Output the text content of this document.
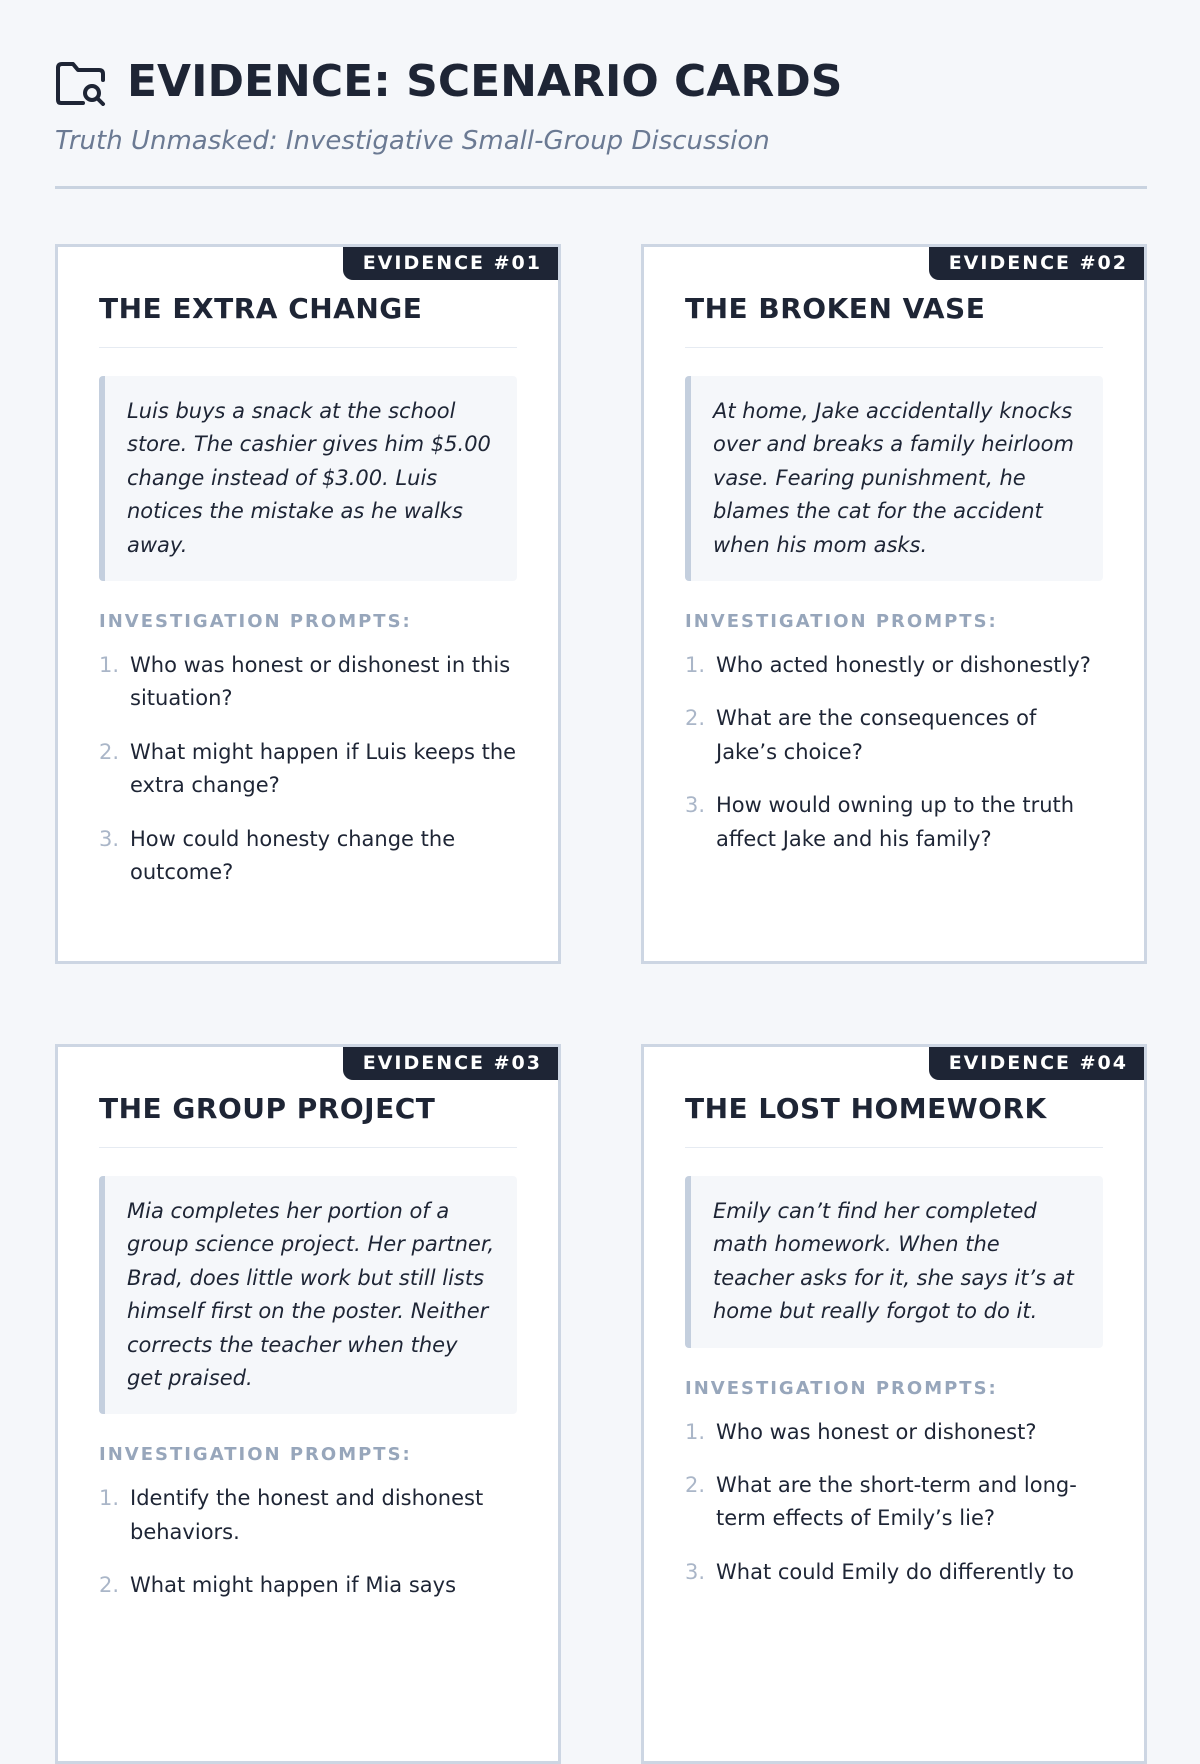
EVIDENCE: SCENARIO CARDS

Truth Unmasked: Investigative Small-Group Discussion

EVIDENCE #01
THE EXTRA CHANGE
Luis buys a snack at the school store. The cashier gives him $5.00 change instead of $3.00. Luis notices the mistake as he walks away.
INVESTIGATION PROMPTS:
1. Who was honest or dishonest in this situation?
2. What might happen if Luis keeps the extra change?
3. How could honesty change the outcome?
EVIDENCE #02
THE BROKEN VASE
At home, Jake accidentally knocks over and breaks a family heirloom vase. Fearing punishment, he blames the cat for the accident when his mom asks.
INVESTIGATION PROMPTS:
1. Who acted honestly or dishonestly?
2. What are the consequences of Jake’s choice?
3. How would owning up to the truth affect Jake and his family?
EVIDENCE #03
THE GROUP PROJECT
Mia completes her portion of a group science project. Her partner, Brad, does little work but still lists himself first on the poster. Neither corrects the teacher when they get praised.
INVESTIGATION PROMPTS:
1. Identify the honest and dishonest behaviors.
2. What might happen if Mia says
EVIDENCE #04
THE LOST HOMEWORK
Emily can’t find her completed math homework. When the teacher asks for it, she says it’s at home but really forgot to do it.
INVESTIGATION PROMPTS:
1. Who was honest or dishonest?
2. What are the short-term and long-term effects of Emily’s lie?
3. What could Emily do differently to
